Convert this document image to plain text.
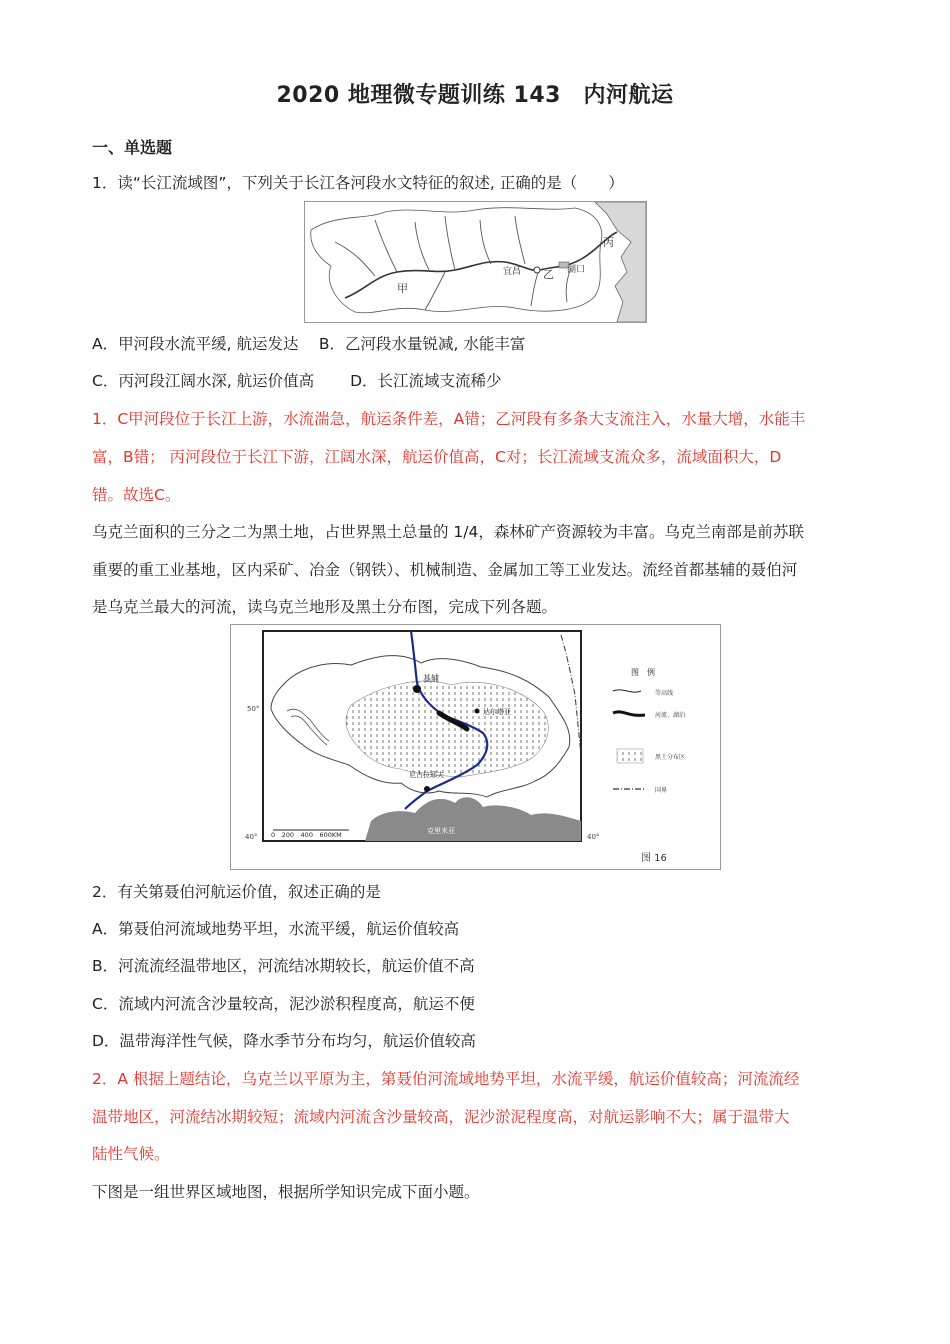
2020 地理微专题训练 143　内河航运
一、单选题
1．读“长江流域图”，下列关于长江各河段水文特征的叙述, 正确的是（　　）
甲
乙
丙
宜昌	湖口
A．甲河段水流平缓, 航运发达　 B．乙河段水量锐减, 水能丰富
C．丙河段江阔水深, 航运价值高　　 D．长江流域支流稀少
1．C甲河段位于长江上游，水流湍急，航运条件差，A错；乙河段有多条大支流注入，水量大增，水能丰
富，B错； 丙河段位于长江下游，江阔水深，航运价值高，C对；长江流域支流众多，流域面积大，D
错。故选C。
乌克兰面积的三分之二为黑土地，占世界黑土总量的 1/4，森林矿产资源较为丰富。乌克兰南部是前苏联
重要的重工业基地，区内采矿、冶金（钢铁）、机械制造、金属加工等工业发达。流经首都基辅的聂伯河
是乌克兰最大的河流，读乌克兰地形及黑土分布图，完成下列各题。
基辅
达尔塔亚
尼古拉耶夫
50°
40°	40°
0　200　400　600KM	克里米亚
黑　　海
图　例
等高线
河流、湖泊
黑土分布区
国界
图 16
2．有关第聂伯河航运价值，叙述正确的是
A．第聂伯河流域地势平坦，水流平缓，航运价值较高
B．河流流经温带地区，河流结冰期较长，航运价值不高
C．流域内河流含沙量较高，泥沙淤积程度高，航运不便
D．温带海洋性气候，降水季节分布均匀，航运价值较高
2．A 根据上题结论，乌克兰以平原为主，第聂伯河流域地势平坦，水流平缓，航运价值较高；河流流经
温带地区，河流结冰期较短；流域内河流含沙量较高，泥沙淤泥程度高，对航运影响不大；属于温带大
陆性气候。
下图是一组世界区域地图，根据所学知识完成下面小题。
